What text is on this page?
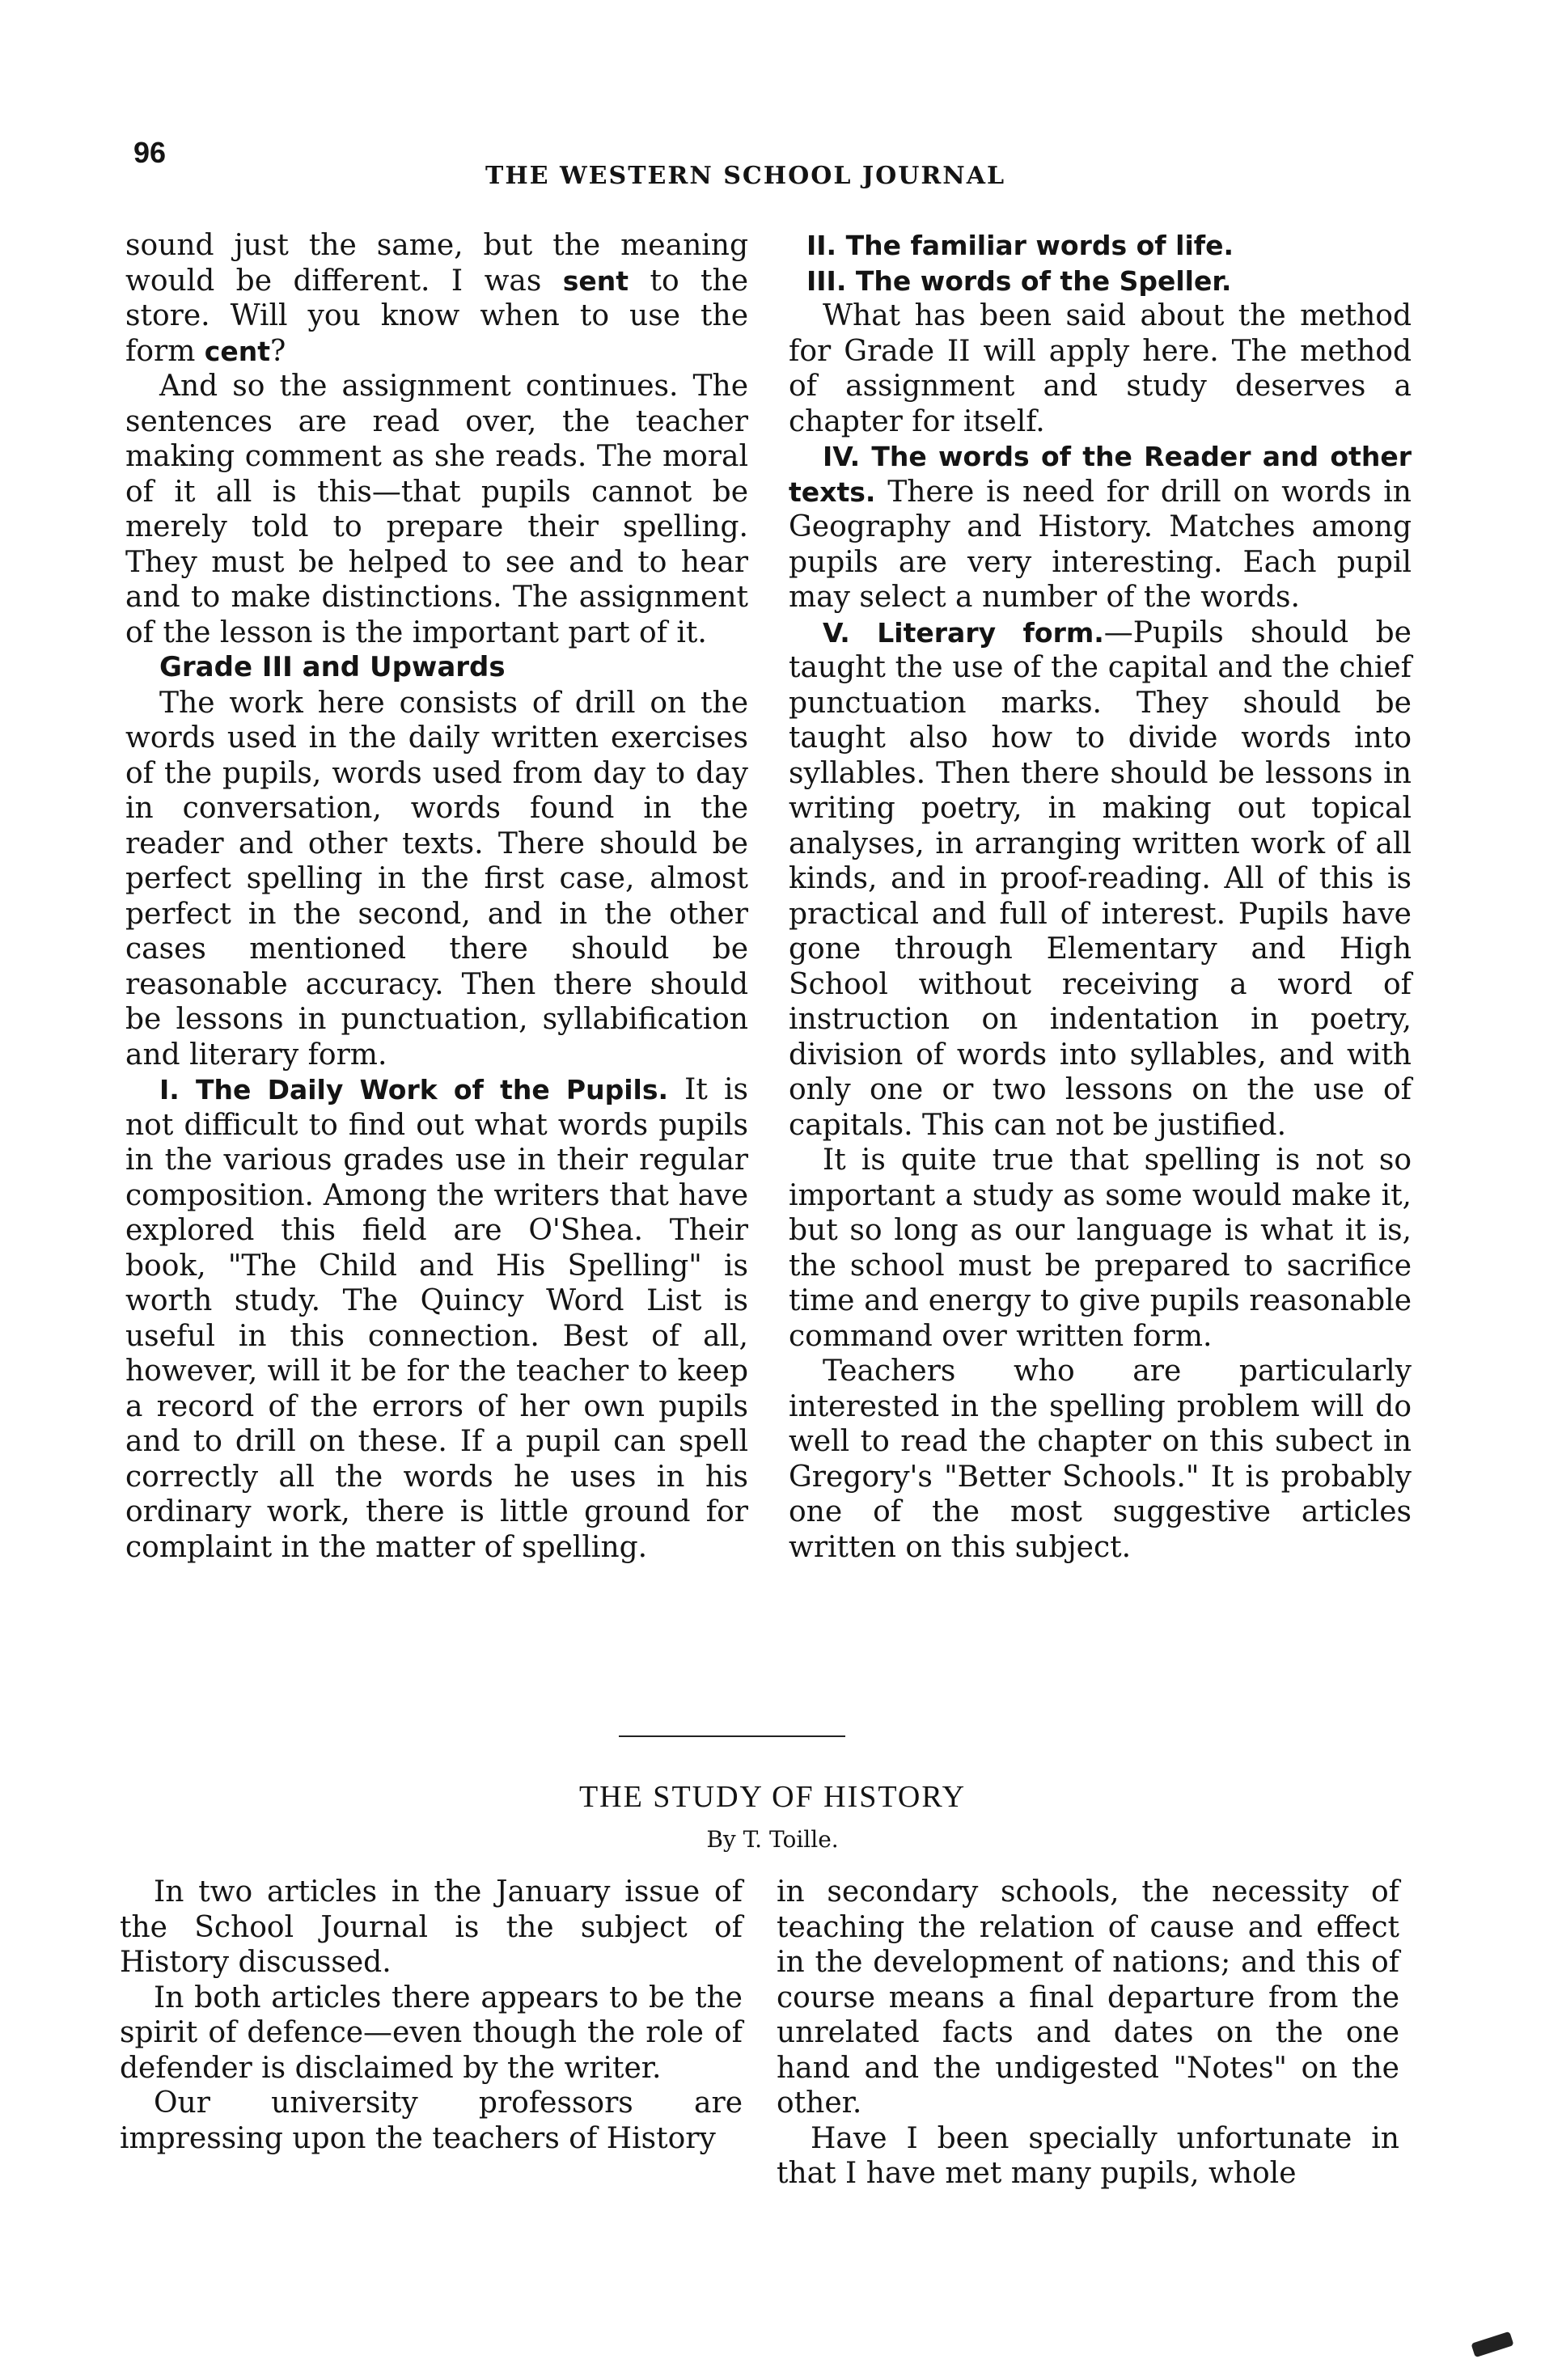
96
THE WESTERN SCHOOL JOURNAL

sound just the same, but the meaning would be different. I was sent to the store. Will you know when to use the form cent?

And so the assignment continues. The sentences are read over, the teacher making comment as she reads. The moral of it all is this—that pupils cannot be merely told to prepare their spelling. They must be helped to see and to hear and to make distinctions. The assignment of the lesson is the important part of it.

Grade III and Upwards

The work here consists of drill on the words used in the daily written exercises of the pupils, words used from day to day in conversation, words found in the reader and other texts. There should be perfect spelling in the first case, almost perfect in the second, and in the other cases mentioned there should be reasonable accuracy. Then there should be lessons in punctuation, syllabification and literary form.

I. The Daily Work of the Pupils. It is not difficult to find out what words pupils in the various grades use in their regular composition. Among the writers that have explored this field are O'Shea. Their book, "The Child and His Spelling" is worth study. The Quincy Word List is useful in this connection. Best of all, however, will it be for the teacher to keep a record of the errors of her own pupils and to drill on these. If a pupil can spell correctly all the words he uses in his ordinary work, there is little ground for complaint in the matter of spelling.

II. The familiar words of life.

III. The words of the Speller.

What has been said about the method for Grade II will apply here. The method of assignment and study deserves a chapter for itself.

IV. The words of the Reader and other texts. There is need for drill on words in Geography and History. Matches among pupils are very interesting. Each pupil may select a number of the words.

V. Literary form.—Pupils should be taught the use of the capital and the chief punctuation marks. They should be taught also how to divide words into syllables. Then there should be lessons in writing poetry, in making out topical analyses, in arranging written work of all kinds, and in proof-reading. All of this is practical and full of interest. Pupils have gone through Elementary and High School without receiving a word of instruction on indentation in poetry, division of words into syllables, and with only one or two lessons on the use of capitals. This can not be justified.

It is quite true that spelling is not so important a study as some would make it, but so long as our language is what it is, the school must be prepared to sacrifice time and energy to give pupils reasonable command over written form.

Teachers who are particularly interested in the spelling problem will do well to read the chapter on this subect in Gregory's "Better Schools." It is probably one of the most suggestive articles written on this subject.

THE STUDY OF HISTORY
By T. Toille.

In two articles in the January issue of the School Journal is the subject of History discussed.

In both articles there appears to be the spirit of defence—even though the role of defender is disclaimed by the writer.

Our university professors are impressing upon the teachers of History

in secondary schools, the necessity of teaching the relation of cause and effect in the development of nations; and this of course means a final departure from the unrelated facts and dates on the one hand and the undigested "Notes" on the other.

Have I been specially unfortunate in that I have met many pupils, whole
